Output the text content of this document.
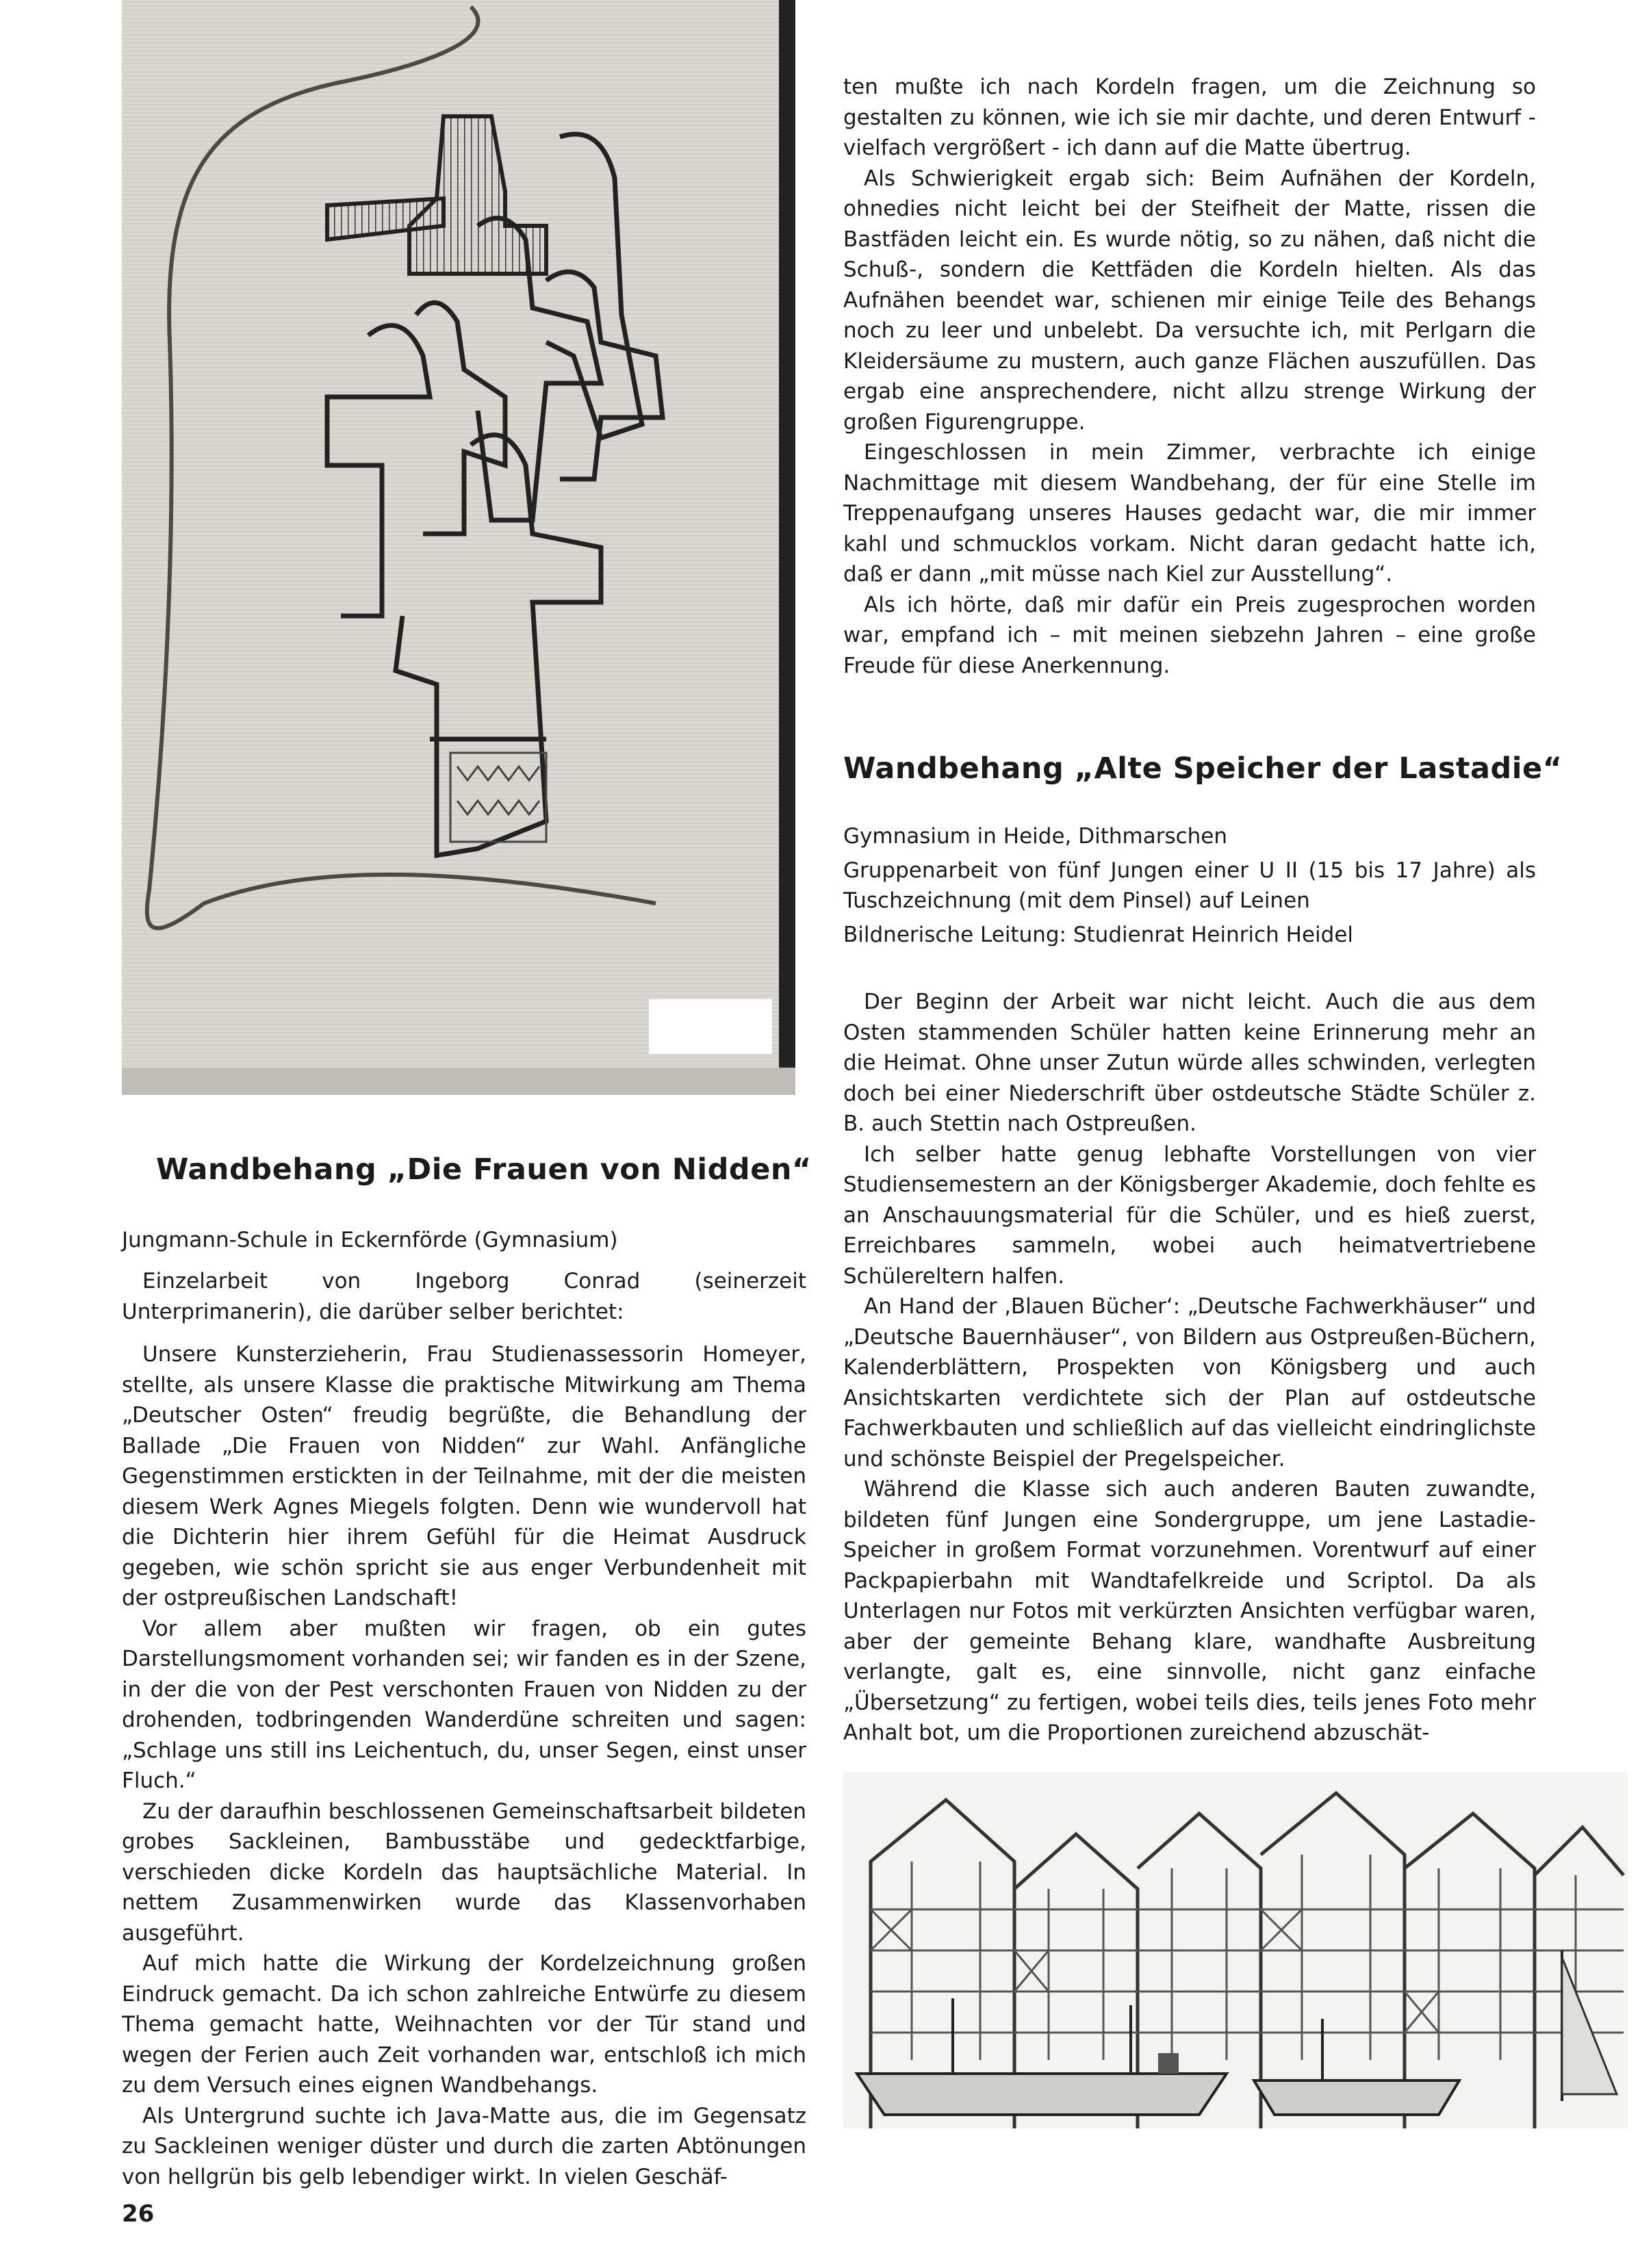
ten mußte ich nach Kordeln fragen, um die Zeichnung so gestalten zu können, wie ich sie mir dachte, und deren Entwurf - vielfach vergrößert - ich dann auf die Matte übertrug.

Als Schwierigkeit ergab sich: Beim Aufnähen der Kordeln, ohnedies nicht leicht bei der Steifheit der Matte, rissen die Bastfäden leicht ein. Es wurde nötig, so zu nähen, daß nicht die Schuß-, sondern die Kettfäden die Kordeln hielten. Als das Aufnähen beendet war, schienen mir einige Teile des Behangs noch zu leer und unbelebt. Da versuchte ich, mit Perlgarn die Kleidersäume zu mustern, auch ganze Flächen auszufüllen. Das ergab eine ansprechendere, nicht allzu strenge Wirkung der großen Figurengruppe.

Eingeschlossen in mein Zimmer, verbrachte ich einige Nachmittage mit diesem Wandbehang, der für eine Stelle im Treppenaufgang unseres Hauses gedacht war, die mir immer kahl und schmucklos vorkam. Nicht daran gedacht hatte ich, daß er dann „mit müsse nach Kiel zur Ausstellung“.

Als ich hörte, daß mir dafür ein Preis zugesprochen worden war, empfand ich – mit meinen siebzehn Jahren – eine große Freude für diese Anerkennung.

Wandbehang „Alte Speicher der Lastadie“

Gymnasium in Heide, Dithmarschen

Gruppenarbeit von fünf Jungen einer U II (15 bis 17 Jahre) als Tuschzeichnung (mit dem Pinsel) auf Leinen

Bildnerische Leitung: Studienrat Heinrich Heidel

Der Beginn der Arbeit war nicht leicht. Auch die aus dem Osten stammenden Schüler hatten keine Erinnerung mehr an die Heimat. Ohne unser Zutun würde alles schwinden, verlegten doch bei einer Niederschrift über ostdeutsche Städte Schüler z. B. auch Stettin nach Ostpreußen.

Ich selber hatte genug lebhafte Vorstellungen von vier Studiensemestern an der Königsberger Akademie, doch fehlte es an Anschauungsmaterial für die Schüler, und es hieß zuerst, Erreichbares sammeln, wobei auch heimatvertriebene Schülereltern halfen.

An Hand der ‚Blauen Bücher‘: „Deutsche Fachwerkhäuser“ und „Deutsche Bauernhäuser“, von Bildern aus Ostpreußen-Büchern, Kalenderblättern, Prospekten von Königsberg und auch Ansichtskarten verdichtete sich der Plan auf ostdeutsche Fachwerkbauten und schließlich auf das vielleicht eindringlichste und schönste Beispiel der Pregelspeicher.

Während die Klasse sich auch anderen Bauten zuwandte, bildeten fünf Jungen eine Sondergruppe, um jene Lastadie-Speicher in großem Format vorzunehmen. Vorentwurf auf einer Packpapierbahn mit Wandtafelkreide und Scriptol. Da als Unterlagen nur Fotos mit verkürzten Ansichten verfügbar waren, aber der gemeinte Behang klare, wandhafte Ausbreitung verlangte, galt es, eine sinnvolle, nicht ganz einfache „Übersetzung“ zu fertigen, wobei teils dies, teils jenes Foto mehr Anhalt bot, um die Proportionen zureichend abzuschät-

Wandbehang „Die Frauen von Nidden“

Jungmann-Schule in Eckernförde (Gymnasium)

Einzelarbeit von Ingeborg Conrad (seinerzeit Unterprimanerin), die darüber selber berichtet:

Unsere Kunsterzieherin, Frau Studienassessorin Homeyer, stellte, als unsere Klasse die praktische Mitwirkung am Thema „Deutscher Osten“ freudig begrüßte, die Behandlung der Ballade „Die Frauen von Nidden“ zur Wahl. Anfängliche Gegenstimmen erstickten in der Teilnahme, mit der die meisten diesem Werk Agnes Miegels folgten. Denn wie wundervoll hat die Dichterin hier ihrem Gefühl für die Heimat Ausdruck gegeben, wie schön spricht sie aus enger Verbundenheit mit der ostpreußischen Landschaft!

Vor allem aber mußten wir fragen, ob ein gutes Darstellungsmoment vorhanden sei; wir fanden es in der Szene, in der die von der Pest verschonten Frauen von Nidden zu der drohenden, todbringenden Wanderdüne schreiten und sagen: „Schlage uns still ins Leichentuch, du, unser Segen, einst unser Fluch.“

Zu der daraufhin beschlossenen Gemeinschaftsarbeit bildeten grobes Sackleinen, Bambusstäbe und gedecktfarbige, verschieden dicke Kordeln das hauptsächliche Material. In nettem Zusammenwirken wurde das Klassenvorhaben ausgeführt.

Auf mich hatte die Wirkung der Kordelzeichnung großen Eindruck gemacht. Da ich schon zahlreiche Entwürfe zu diesem Thema gemacht hatte, Weihnachten vor der Tür stand und wegen der Ferien auch Zeit vorhanden war, entschloß ich mich zu dem Versuch eines eignen Wandbehangs.

Als Untergrund suchte ich Java-Matte aus, die im Gegensatz zu Sackleinen weniger düster und durch die zarten Abtönungen von hellgrün bis gelb lebendiger wirkt. In vielen Geschäf-

26
